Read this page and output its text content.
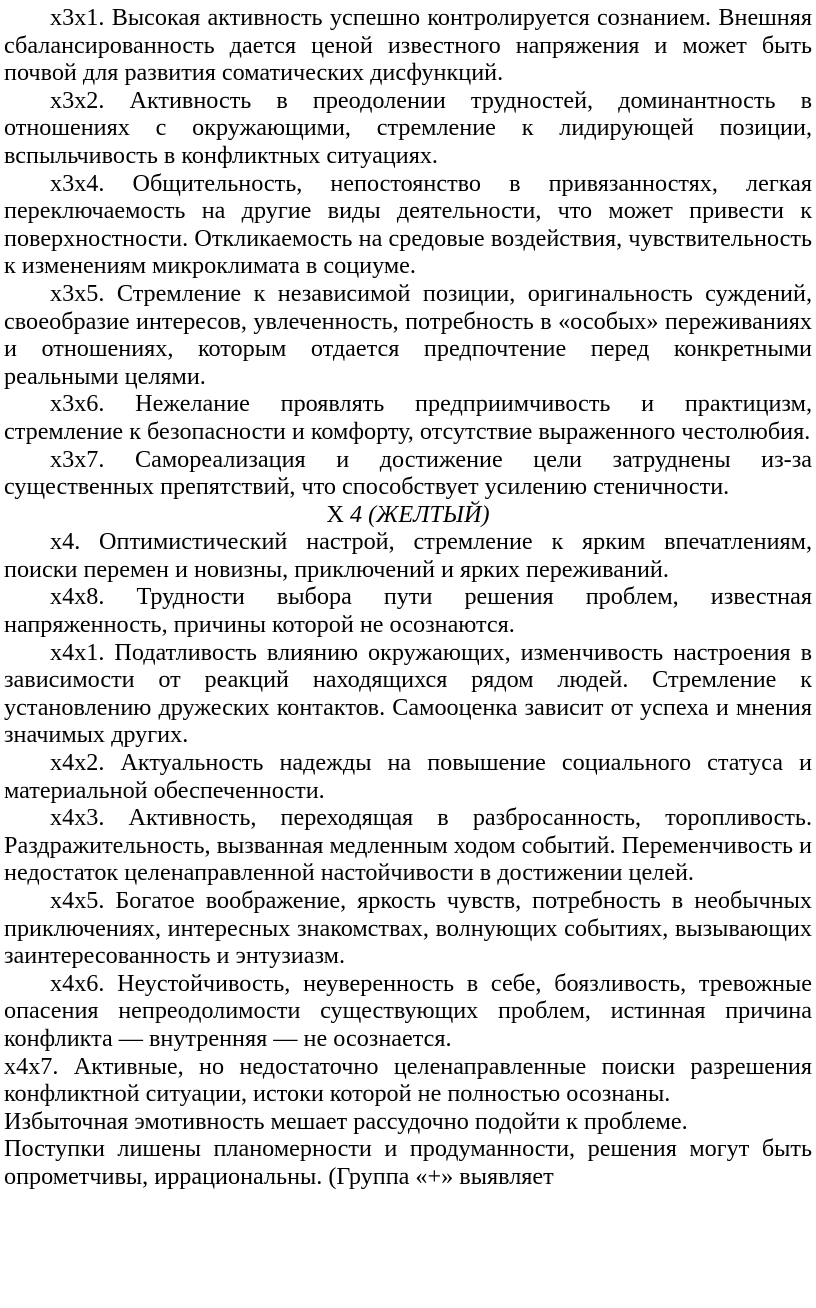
х3х1. Высокая активность успешно контролируется сознанием. Внешняя сбалансированность дается ценой известного напряжения и может быть почвой для развития соматических дисфункций.

х3х2. Активность в преодолении трудностей, доминантность в отношениях с окружающими, стремление к лидирующей позиции, вспыльчивость в конфликтных ситуациях.

х3х4. Общительность, непостоянство в привязанностях, легкая переключаемость на другие виды деятельности, что может привести к поверхностности. Откликаемость на средовые воздействия, чувствительность к изменениям микроклимата в социуме.

х3х5. Стремление к независимой позиции, оригинальность суждений, своеобразие интересов, увлеченность, потребность в «особых» переживаниях и отношениях, которым отдается предпочтение перед конкретными реальными целями.

х3х6. Нежелание проявлять предприимчивость и практицизм, стремление к безопасности и комфорту, отсутствие выраженного честолюбия.

х3х7. Самореализация и достижение цели затруднены из-за существенных препятствий, что способствует усилению стеничности.

Х 4 (ЖЕЛТЫЙ)

х4. Оптимистический настрой, стремление к ярким впечатлениям, поиски перемен и новизны, приключений и ярких переживаний.

х4х8. Трудности выбора пути решения проблем, известная напряженность, причины которой не осознаются.

х4х1. Податливость влиянию окружающих, изменчивость настроения в зависимости от реакций находящихся рядом людей. Стремление к установлению дружеских контактов. Самооценка зависит от успеха и мнения значимых других.

х4х2. Актуальность надежды на повышение социального статуса и материальной обеспеченности.

х4х3. Активность, переходящая в разбросанность, торопливость. Раздражительность, вызванная медленным ходом событий. Переменчивость и недостаток целенаправленной настойчивости в достижении целей.

х4х5. Богатое воображение, яркость чувств, потребность в необычных приключениях, интересных знакомствах, волнующих событиях, вызывающих заинтересованность и энтузиазм.

х4х6. Неустойчивость, неуверенность в себе, боязливость, тревожные опасения непреодолимости существующих проблем, истинная причина конфликта — внутренняя — не осознается.

х4х7. Активные, но недостаточно целенаправленные поиски разрешения конфликтной ситуации, истоки которой не полностью осознаны.

Избыточная эмотивность мешает рассудочно подойти к проблеме.

Поступки лишены планомерности и продуманности, решения могут быть опрометчивы, иррациональны. (Группа «+» выявляет
